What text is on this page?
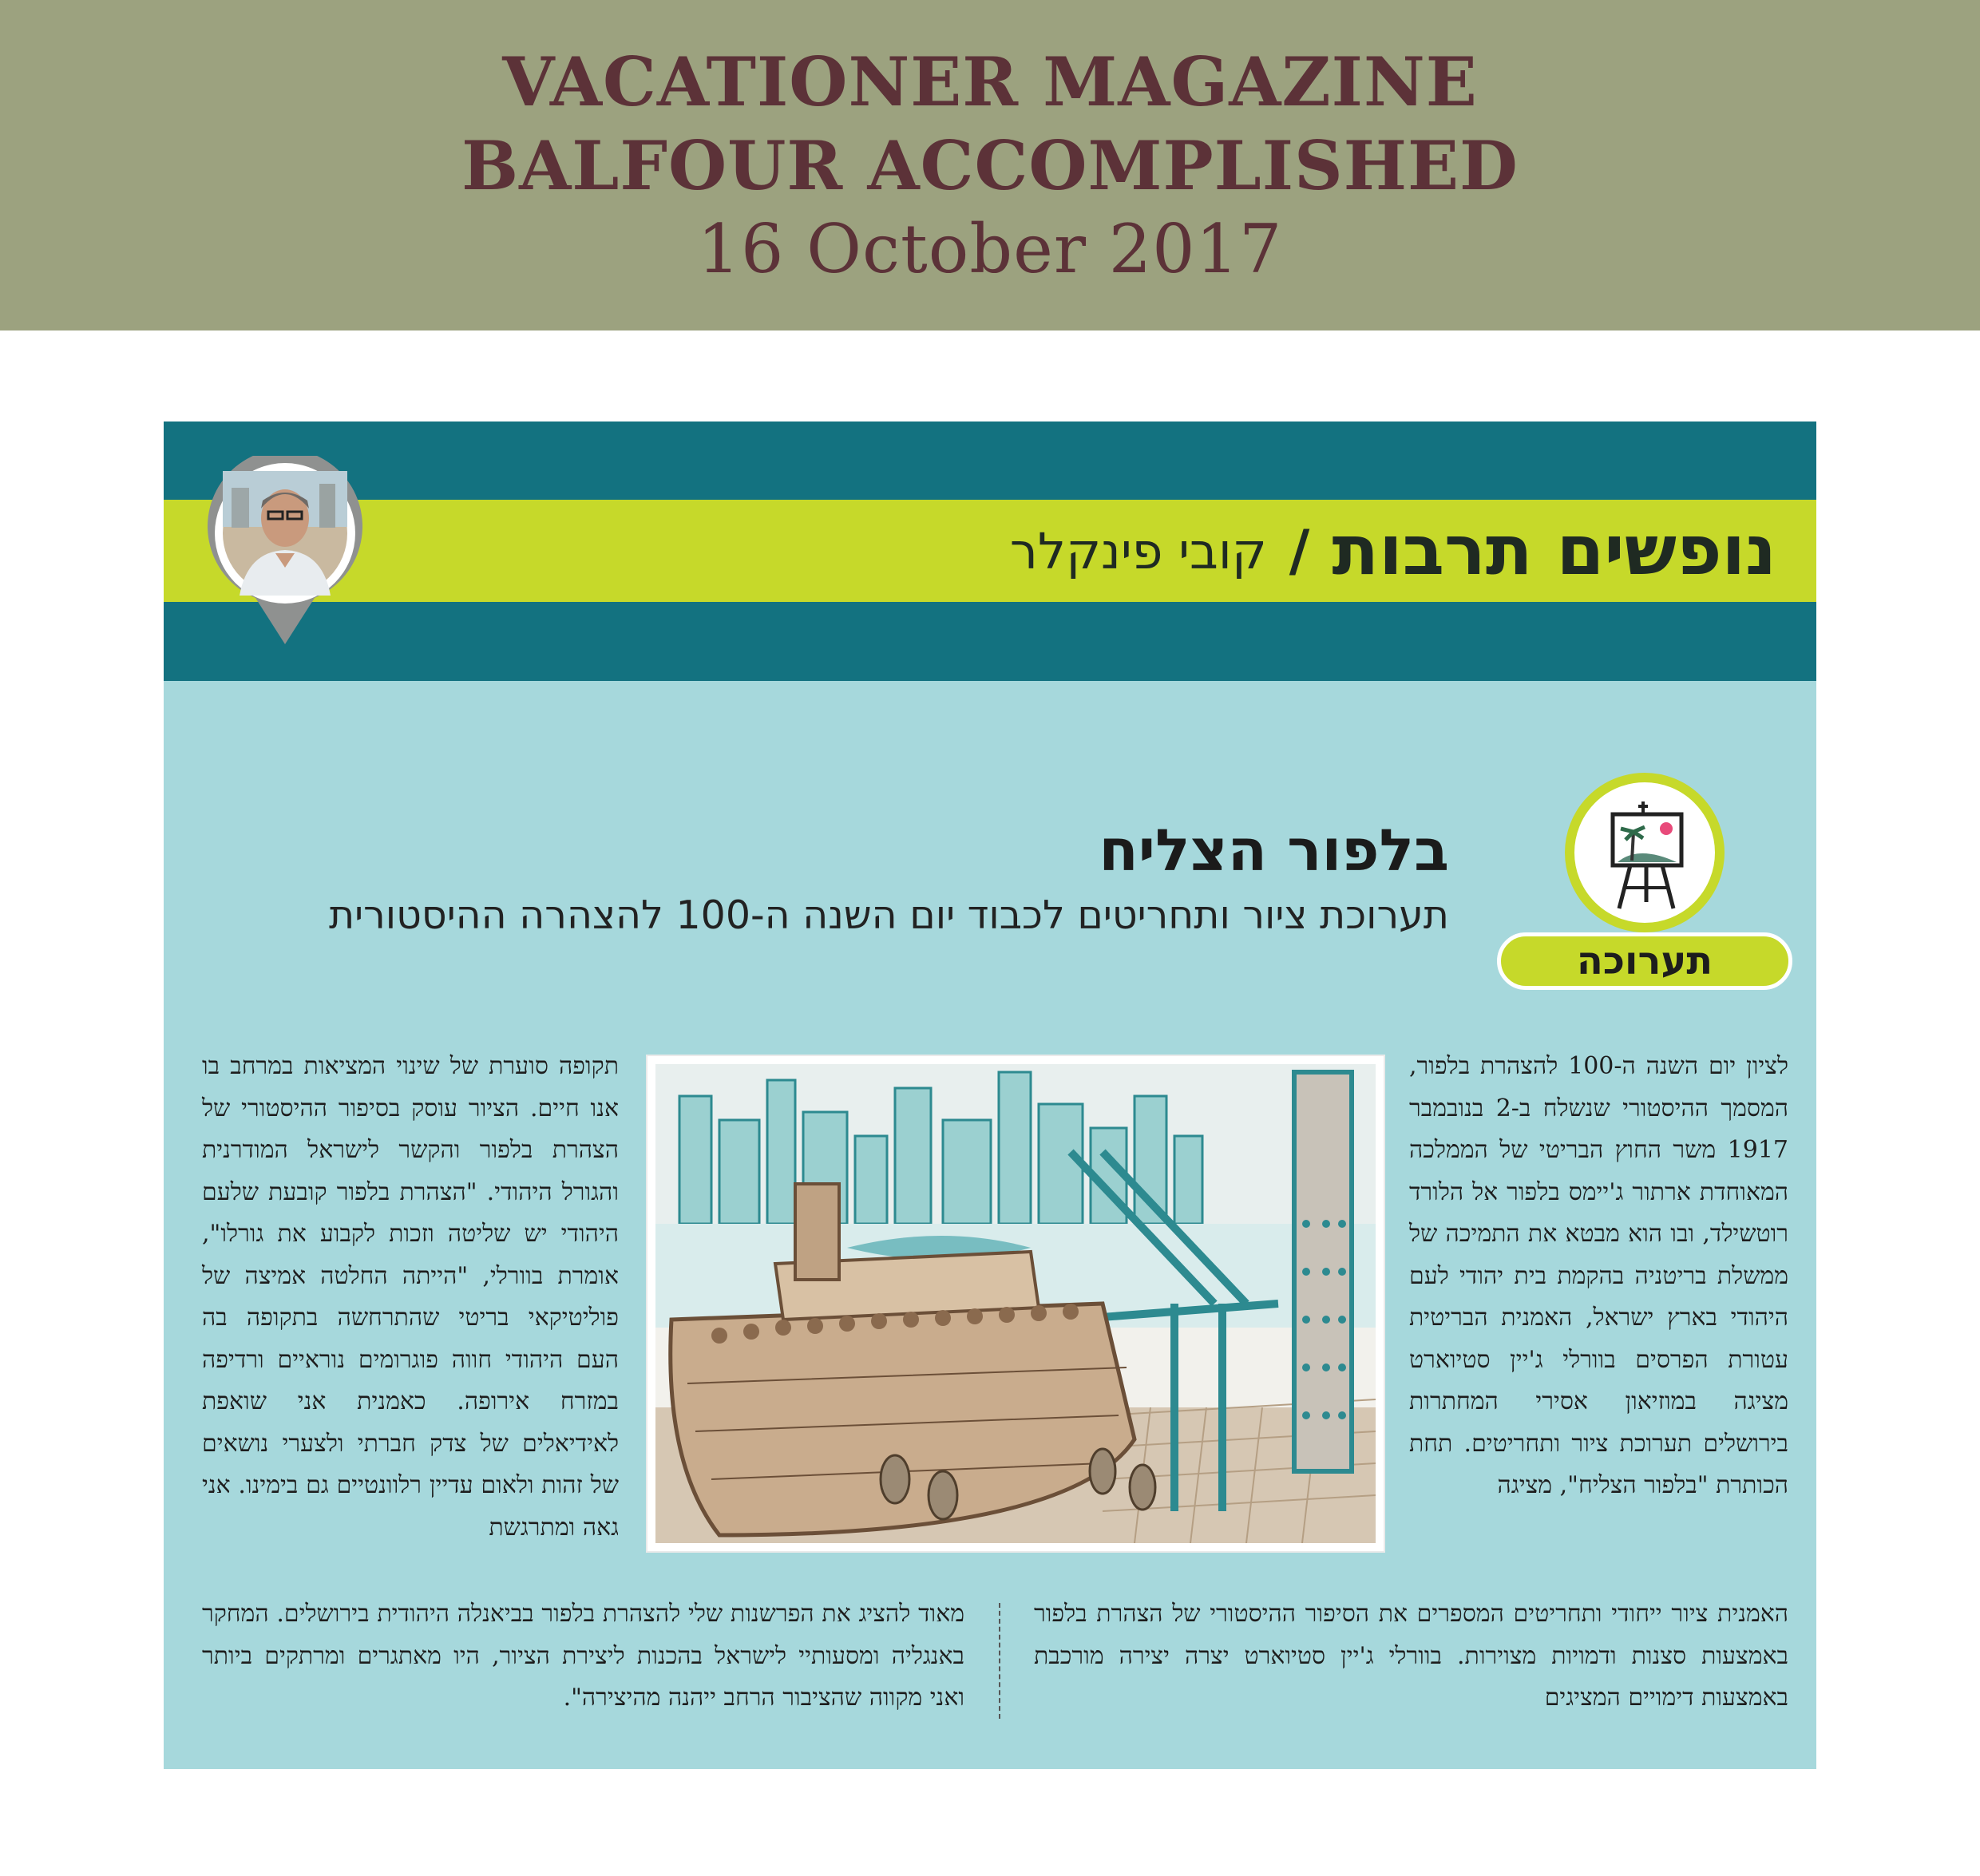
VACATIONER MAGAZINE
BALFOUR ACCOMPLISHED
16 October 2017
נופשים תרבות
/
קובי פינקלר
תערוכה
בלפור הצליח
תערוכת ציור ותחריטים לכבוד יום השנה ה-100 להצהרה ההיסטורית
לציון יום השנה ה-100 להצהרת בלפור, המסמך ההיסטורי שנשלח ב-2 בנובמבר 1917 משר החוץ הבריטי של הממלכה המאוחדת ארתור ג'יימס בלפור אל הלורד רוטשילד, ובו הוא מבטא את התמיכה של ממשלת בריטניה בהקמת בית יהודי לעם היהודי בארץ ישראל, האמנית הבריטית עטורת הפרסים בוורלי ג'יין סטיוארט מציגה במוזיאון אסירי המחתרות בירושלים תערוכת ציור ותחריטים. תחת הכותרת "בלפור הצליח", מציגה
תקופה סוערת של שינוי המציאות במרחב בו אנו חיים. הציור עוסק בסיפור ההיסטורי של הצהרת בלפור והקשר לישראל המודרנית והגורל היהודי. "הצהרת בלפור קובעת שלעם היהודי יש שליטה וזכות לקבוע את גורלו", אומרת בוורלי, "הייתה החלטה אמיצה של פוליטיקאי בריטי שהתרחשה בתקופה בה העם היהודי חווה פוגרומים נוראיים ורדיפה במזרח אירופה. כאמנית אני שואפת לאידיאלים של צדק חברתי ולצערי נושאים של זהות ולאום עדיין רלוונטיים גם בימינו. אני גאה ומתרגשת
האמנית ציור ייחודי ותחריטים המספרים את הסיפור ההיסטורי של הצהרת בלפור באמצעות סצנות ודמויות מצוירות. בוורלי ג'יין סטיוארט יצרה יצירה מורכבת באמצעות דימויים המציגים
מאוד להציג את הפרשנות שלי להצהרת בלפור בביאנלה היהודית בירושלים. המחקר באנגליה ומסעותיי לישראל בהכנות ליצירת הציור, היו מאתגרים ומרתקים ביותר ואני מקווה שהציבור הרחב ייהנה מהיצירה".
